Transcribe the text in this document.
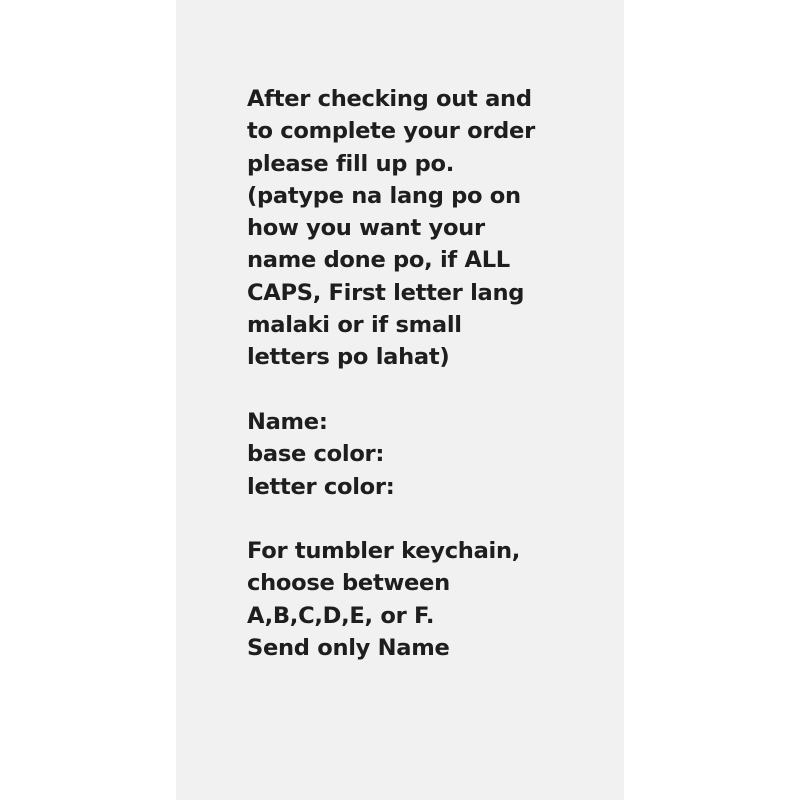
After checking out and
to complete your order
please fill up po.
(patype na lang po on
how you want your
name done po, if ALL
CAPS, First letter lang
malaki or if small
letters po lahat)
Name:
base color:
letter color:
For tumbler keychain,
choose between
A,B,C,D,E, or F.
Send only Name
